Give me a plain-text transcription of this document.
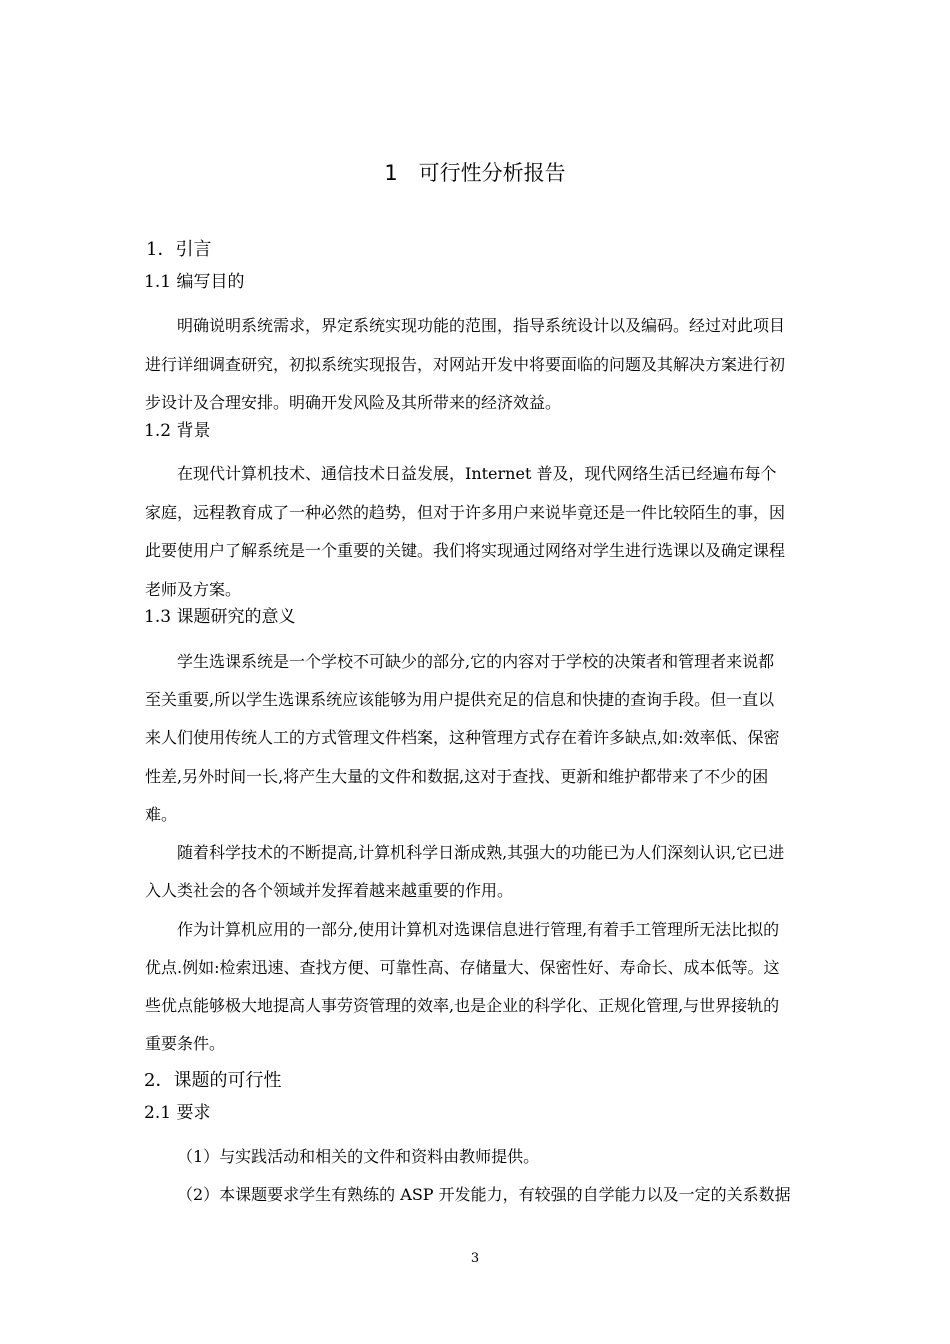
1　可行性分析报告
1．引言
1.1 编写目的
明确说明系统需求，界定系统实现功能的范围，指导系统设计以及编码。经过对此项目
进行详细调查研究，初拟系统实现报告，对网站开发中将要面临的问题及其解决方案进行初
步设计及合理安排。明确开发风险及其所带来的经济效益。
1.2 背景
在现代计算机技术、通信技术日益发展，Internet 普及，现代网络生活已经遍布每个
家庭，远程教育成了一种必然的趋势，但对于许多用户来说毕竟还是一件比较陌生的事，因
此要使用户了解系统是一个重要的关键。我们将实现通过网络对学生进行选课以及确定课程
老师及方案。
1.3 课题研究的意义
学生选课系统是一个学校不可缺少的部分,它的内容对于学校的决策者和管理者来说都
至关重要,所以学生选课系统应该能够为用户提供充足的信息和快捷的查询手段。但一直以
来人们使用传统人工的方式管理文件档案，这种管理方式存在着许多缺点,如:效率低、保密
性差,另外时间一长,将产生大量的文件和数据,这对于查找、更新和维护都带来了不少的困
难。
随着科学技术的不断提高,计算机科学日渐成熟,其强大的功能已为人们深刻认识,它已进
入人类社会的各个领域并发挥着越来越重要的作用。
作为计算机应用的一部分,使用计算机对选课信息进行管理,有着手工管理所无法比拟的
优点.例如:检索迅速、查找方便、可靠性高、存储量大、保密性好、寿命长、成本低等。这
些优点能够极大地提高人事劳资管理的效率,也是企业的科学化、正规化管理,与世界接轨的
重要条件。
2．课题的可行性
2.1 要求
（1）与实践活动和相关的文件和资料由教师提供。
（2）本课题要求学生有熟练的 ASP 开发能力，有较强的自学能力以及一定的关系数据
3
